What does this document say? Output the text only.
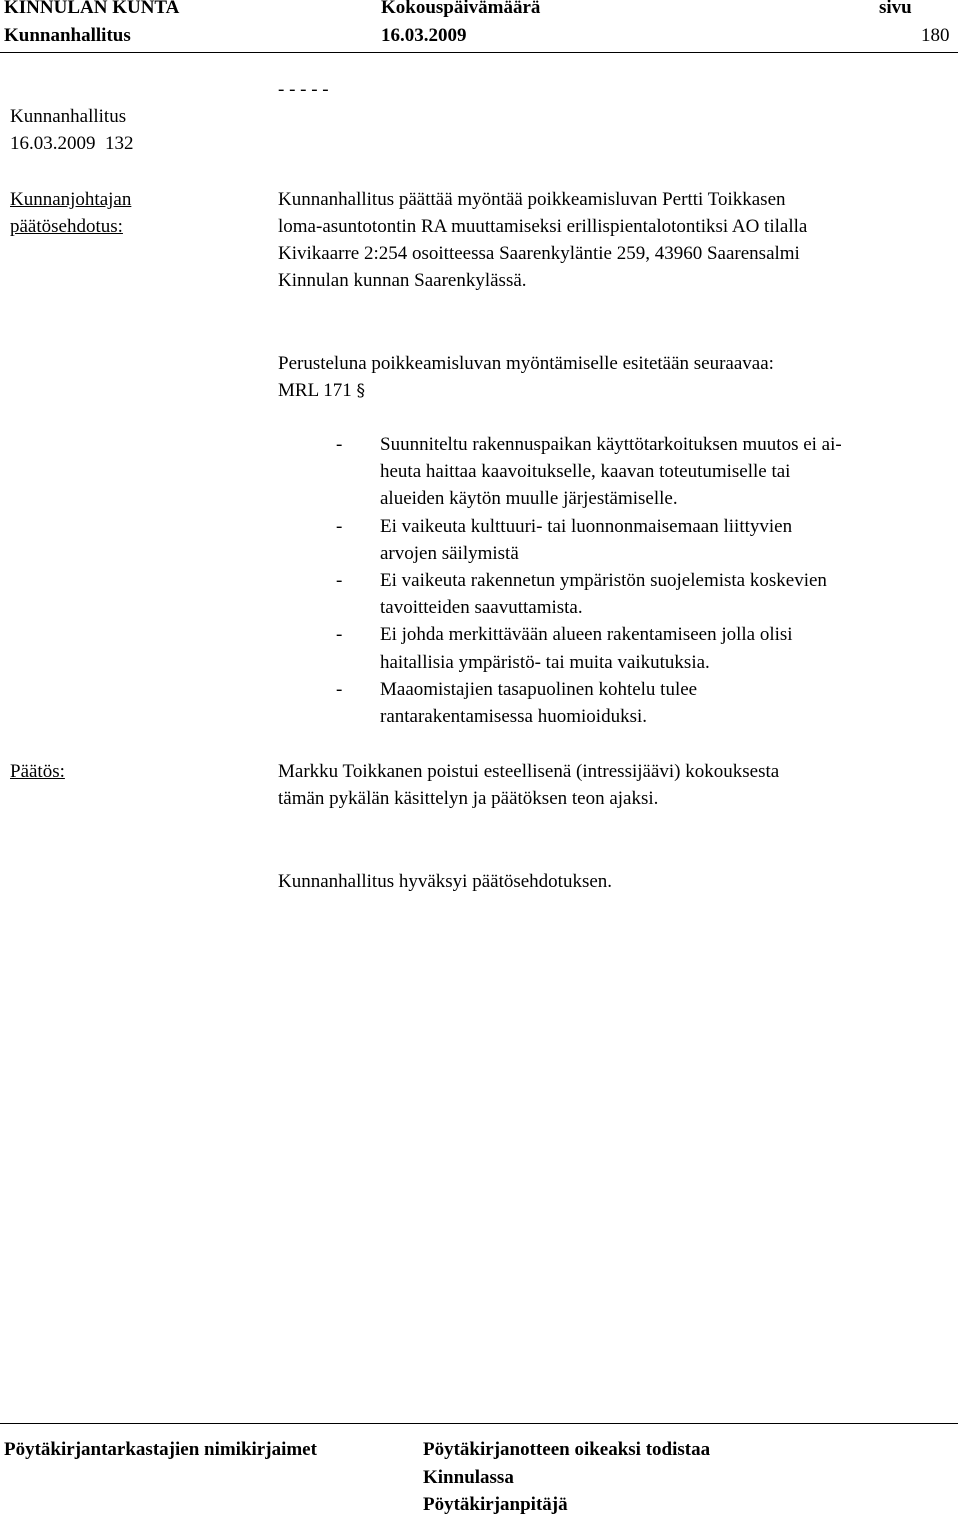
KINNULAN KUNTA	Kokouspäivämäärä	sivu
Kunnanhallitus	16.03.2009	180
Kunnanhallitus
16.03.2009  132
- - - - -
Kunnanjohtajan
päätösehdotus:
Kunnanhallitus päättää myöntää poikkeamisluvan Pertti Toikkasen
loma-asuntotontin RA muuttamiseksi erillispientalotontiksi AO tilalla
Kivikaarre 2:254 osoitteessa Saarenkyläntie 259, 43960 Saarensalmi
Kinnulan kunnan Saarenkylässä.
Perusteluna poikkeamisluvan myöntämiselle esitetään seuraavaa:
MRL 171 §
- Suunniteltu rakennuspaikan käyttötarkoituksen muutos ei ai-
heuta haittaa kaavoitukselle, kaavan toteutumiselle tai
alueiden käytön muulle järjestämiselle.
- Ei vaikeuta kulttuuri- tai luonnonmaisemaan liittyvien
arvojen säilymistä
- Ei vaikeuta rakennetun ympäristön suojelemista koskevien
tavoitteiden saavuttamista.
- Ei johda merkittävään alueen rakentamiseen jolla olisi
haitallisia ympäristö- tai muita vaikutuksia.
- Maaomistajien tasapuolinen kohtelu tulee
rantarakentamisessa huomioiduksi.
Päätös:	Markku Toikkanen poistui esteellisenä (intressijäävi) kokouksesta
tämän pykälän käsittelyn ja päätöksen teon ajaksi.
Kunnanhallitus hyväksyi päätösehdotuksen.
Pöytäkirjantarkastajien nimikirjaimet	Pöytäkirjanotteen oikeaksi todistaa
Kinnulassa
Pöytäkirjanpitäjä
